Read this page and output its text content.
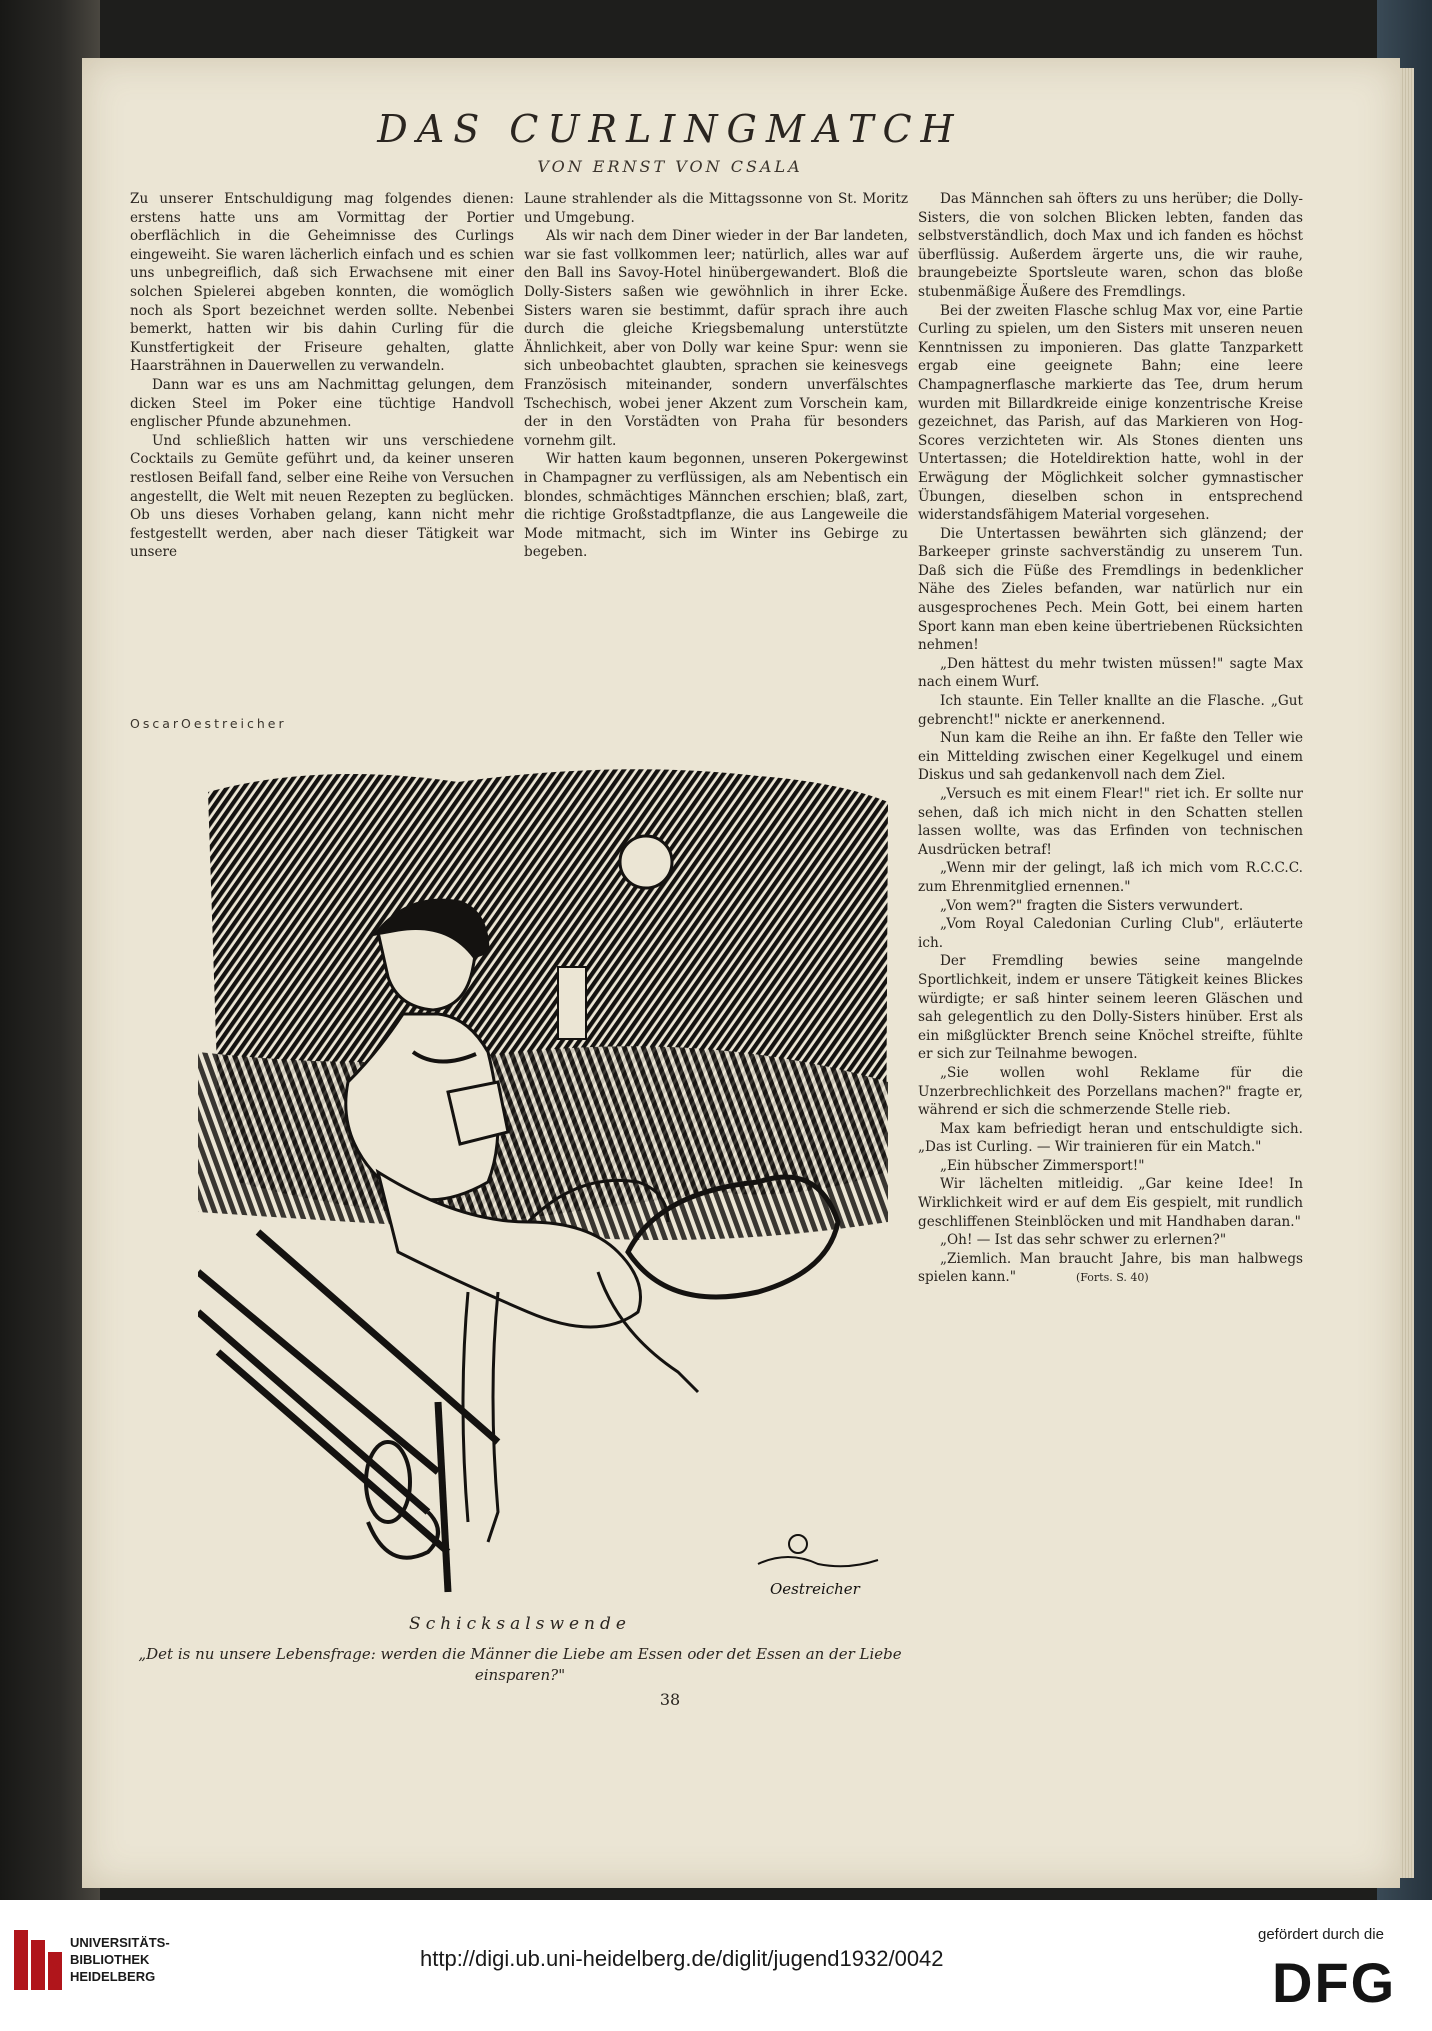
DAS CURLINGMATCH
VON ERNST VON CSALA

Zu unserer Entschuldigung mag folgendes dienen: erstens hatte uns am Vormittag der Portier oberflächlich in die Geheimnisse des Curlings eingeweiht. Sie waren lächerlich einfach und es schien uns unbegreiflich, daß sich Erwachsene mit einer solchen Spielerei abgeben konnten, die womöglich noch als Sport bezeichnet werden sollte. Nebenbei bemerkt, hatten wir bis dahin Curling für die Kunstfertigkeit der Friseure gehalten, glatte Haarsträhnen in Dauerwellen zu verwandeln.

Dann war es uns am Nachmittag gelungen, dem dicken Steel im Poker eine tüchtige Handvoll englischer Pfunde abzunehmen.

Und schließlich hatten wir uns verschiedene Cocktails zu Gemüte geführt und, da keiner unseren restlosen Beifall fand, selber eine Reihe von Versuchen angestellt, die Welt mit neuen Rezepten zu beglücken. Ob uns dieses Vorhaben gelang, kann nicht mehr festgestellt werden, aber nach dieser Tätigkeit war unsere

Laune strahlender als die Mittagssonne von St. Moritz und Umgebung.

Als wir nach dem Diner wieder in der Bar landeten, war sie fast vollkommen leer; natürlich, alles war auf den Ball ins Savoy-Hotel hinübergewandert. Bloß die Dolly-Sisters saßen wie gewöhnlich in ihrer Ecke. Sisters waren sie bestimmt, dafür sprach ihre auch durch die gleiche Kriegsbemalung unterstützte Ähnlichkeit, aber von Dolly war keine Spur: wenn sie sich unbeobachtet glaubten, sprachen sie keinesvegs Französisch miteinander, sondern unverfälschtes Tschechisch, wobei jener Akzent zum Vorschein kam, der in den Vorstädten von Praha für besonders vornehm gilt.

Wir hatten kaum begonnen, unseren Pokergewinst in Champagner zu verflüssigen, als am Nebentisch ein blondes, schmächtiges Männchen erschien; blaß, zart, die richtige Großstadtpflanze, die aus Langeweile die Mode mitmacht, sich im Winter ins Gebirge zu begeben.

Das Männchen sah öfters zu uns herüber; die Dolly-Sisters, die von solchen Blicken lebten, fanden das selbstverständlich, doch Max und ich fanden es höchst überflüssig. Außerdem ärgerte uns, die wir rauhe, braungebeizte Sportsleute waren, schon das bloße stubenmäßige Äußere des Fremdlings.

Bei der zweiten Flasche schlug Max vor, eine Partie Curling zu spielen, um den Sisters mit unseren neuen Kenntnissen zu imponieren. Das glatte Tanzparkett ergab eine geeignete Bahn; eine leere Champagnerflasche markierte das Tee, drum herum wurden mit Billardkreide einige konzentrische Kreise gezeichnet, das Parish, auf das Markieren von Hog-Scores verzichteten wir. Als Stones dienten uns Untertassen; die Hoteldirektion hatte, wohl in der Erwägung der Möglichkeit solcher gymnastischer Übungen, dieselben schon in entsprechend widerstandsfähigem Material vorgesehen.

Die Untertassen bewährten sich glänzend; der Barkeeper grinste sachverständig zu unserem Tun. Daß sich die Füße des Fremdlings in bedenklicher Nähe des Zieles befanden, war natürlich nur ein ausgesprochenes Pech. Mein Gott, bei einem harten Sport kann man eben keine übertriebenen Rücksichten nehmen!

„Den hättest du mehr twisten müssen!" sagte Max nach einem Wurf.

Ich staunte. Ein Teller knallte an die Flasche. „Gut gebrencht!" nickte er anerkennend.

Nun kam die Reihe an ihn. Er faßte den Teller wie ein Mittelding zwischen einer Kegelkugel und einem Diskus und sah gedankenvoll nach dem Ziel.

„Versuch es mit einem Flear!" riet ich. Er sollte nur sehen, daß ich mich nicht in den Schatten stellen lassen wollte, was das Erfinden von technischen Ausdrücken betraf!

„Wenn mir der gelingt, laß ich mich vom R.C.C.C. zum Ehrenmitglied ernennen."

„Von wem?" fragten die Sisters verwundert.

„Vom Royal Caledonian Curling Club", erläuterte ich.

Der Fremdling bewies seine mangelnde Sportlichkeit, indem er unsere Tätigkeit keines Blickes würdigte; er saß hinter seinem leeren Gläschen und sah gelegentlich zu den Dolly-Sisters hinüber. Erst als ein mißglückter Brench seine Knöchel streifte, fühlte er sich zur Teilnahme bewogen.

„Sie wollen wohl Reklame für die Unzerbrechlichkeit des Porzellans machen?" fragte er, während er sich die schmerzende Stelle rieb.

Max kam befriedigt heran und entschuldigte sich. „Das ist Curling. — Wir trainieren für ein Match."

„Ein hübscher Zimmersport!"

Wir lächelten mitleidig. „Gar keine Idee! In Wirklichkeit wird er auf dem Eis gespielt, mit rundlich geschliffenen Steinblöcken und mit Handhaben daran."

„Oh! — Ist das sehr schwer zu erlernen?"

„Ziemlich. Man braucht Jahre, bis man halbwegs spielen kann."	(Forts. S. 40)

OscarOestreicher
Oestreicher
Schicksalswende
„Det is nu unsere Lebensfrage: werden die Männer die Liebe am Essen oder det Essen an der Liebe einsparen?"
38
UNIVERSITÄTS-
BIBLIOTHEK
HEIDELBERG
http://digi.ub.uni-heidelberg.de/diglit/jugend1932/0042
gefördert durch die
DFG
